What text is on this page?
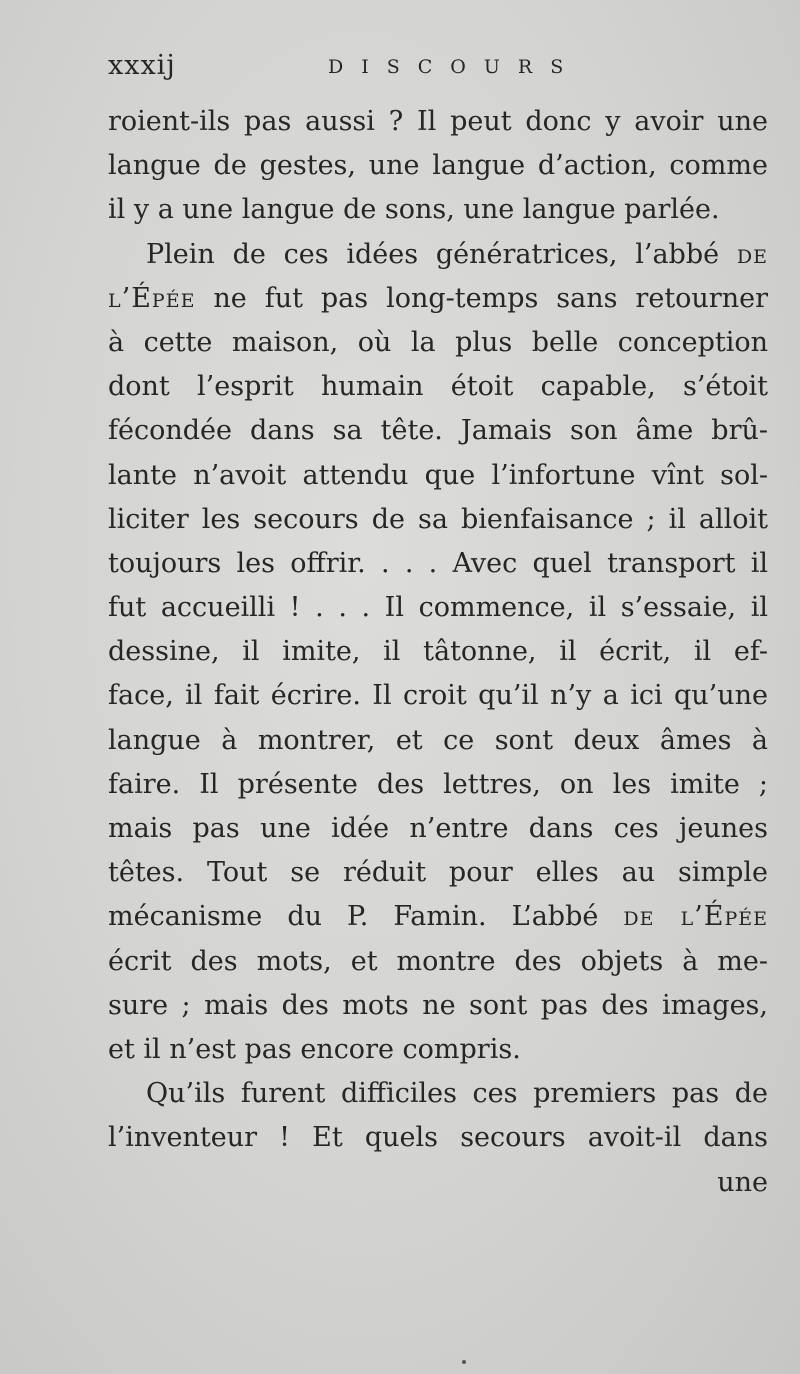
xxxij	DISCOURS
roient-ils pas aussi ? Il peut donc y avoir une
langue de gestes, une langue d’action, comme
il y a une langue de sons, une langue parlée.
Plein de ces idées génératrices, l’abbé de
l’Épée ne fut pas long-temps sans retourner
à cette maison, où la plus belle conception
dont l’esprit humain étoit capable, s’étoit
fécondée dans sa tête. Jamais son âme brû-
lante n’avoit attendu que l’infortune vînt sol-
liciter les secours de sa bienfaisance ; il alloit
toujours les offrir. . . . Avec quel transport il
fut accueilli ! . . . Il commence, il s’essaie, il
dessine, il imite, il tâtonne, il écrit, il ef-
face, il fait écrire. Il croit qu’il n’y a ici qu’une
langue à montrer, et ce sont deux âmes à
faire. Il présente des lettres, on les imite ;
mais pas une idée n’entre dans ces jeunes
têtes. Tout se réduit pour elles au simple
mécanisme du P. Famin. L’abbé de l’Épée
écrit des mots, et montre des objets à me-
sure ; mais des mots ne sont pas des images,
et il n’est pas encore compris.
Qu’ils furent difficiles ces premiers pas de
l’inventeur ! Et quels secours avoit-il dans
une
